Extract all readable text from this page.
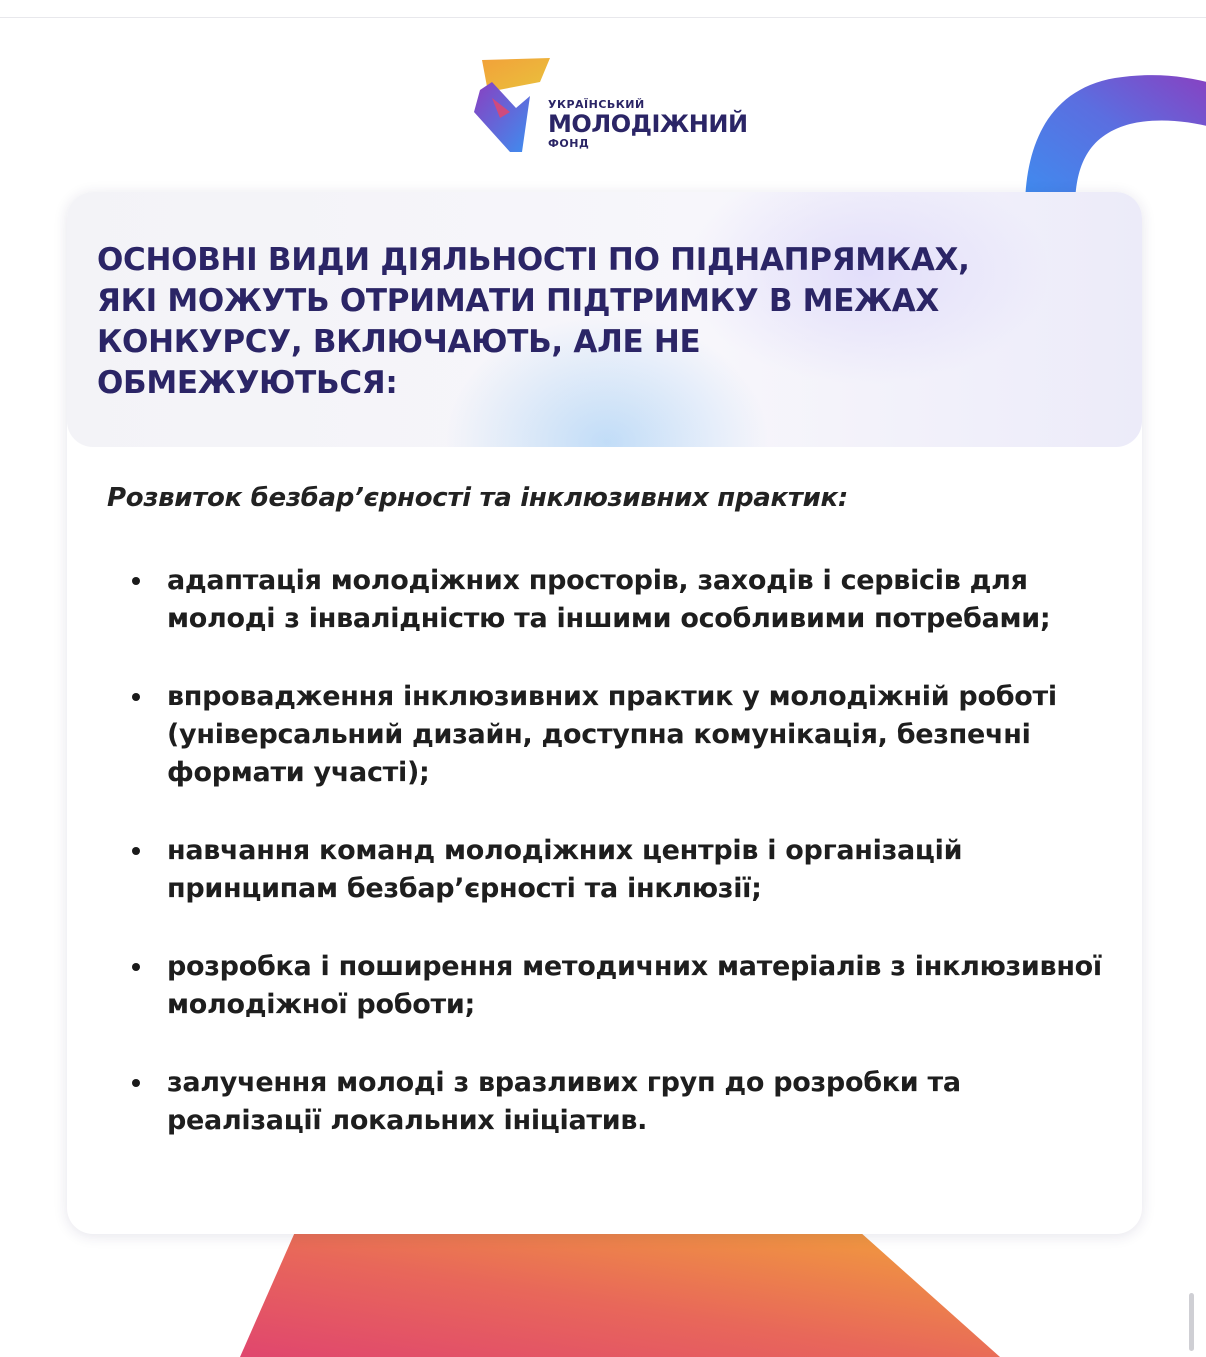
УКРАЇНСЬКИЙ
МОЛОДІЖНИЙ
ФОНД
ОСНОВНІ ВИДИ ДІЯЛЬНОСТІ ПО ПІДНАПРЯМКАХ, ЯКІ МОЖУТЬ ОТРИМАТИ ПІДТРИМКУ В МЕЖАХ КОНКУРСУ, ВКЛЮЧАЮТЬ, АЛЕ НЕ ОБМЕЖУЮТЬСЯ:
Розвиток безбар’єрності та інклюзивних практик:
адаптація молодіжних просторів, заходів і сервісів для молоді з інвалідністю та іншими особливими потребами;
впровадження інклюзивних практик у молодіжній роботі (універсальний дизайн, доступна комунікація, безпечні формати участі);
навчання команд молодіжних центрів і організацій принципам безбар’єрності та інклюзії;
розробка і поширення методичних матеріалів з інклюзивної молодіжної роботи;
залучення молоді з вразливих груп до розробки та реалізації локальних ініціатив.
